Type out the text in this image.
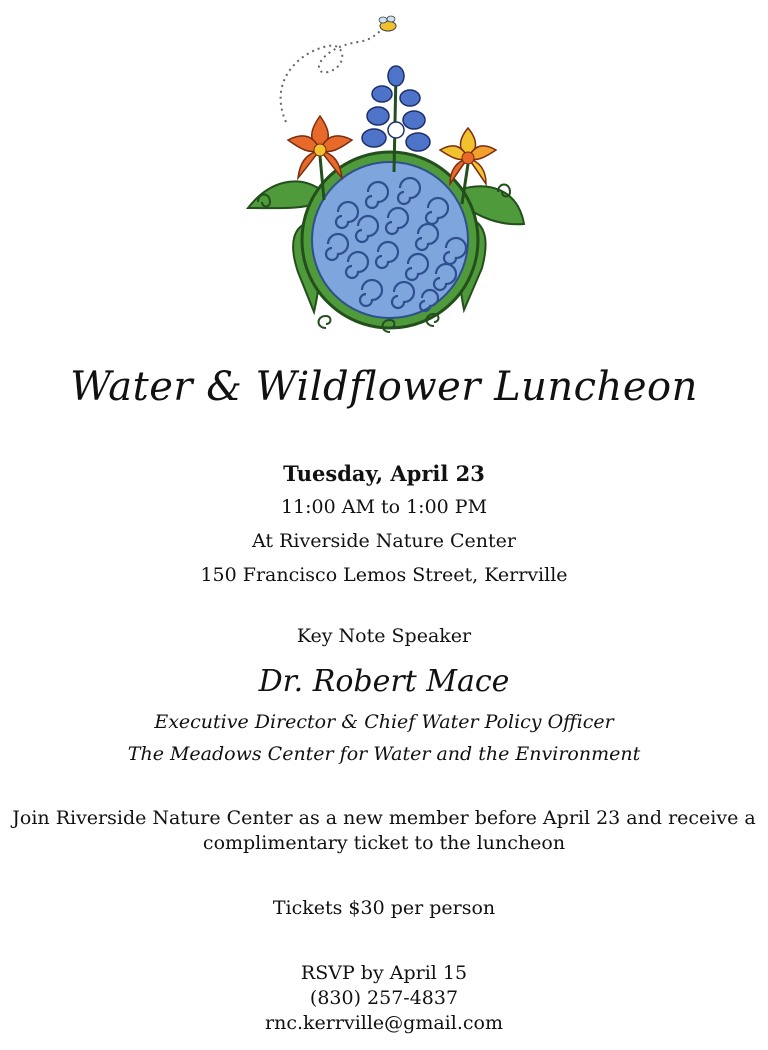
Water & Wildflower Luncheon
Tuesday, April 23
11:00 AM to 1:00 PM
At Riverside Nature Center
150 Francisco Lemos Street, Kerrville
Key Note Speaker
Dr. Robert Mace
Executive Director & Chief Water Policy Officer
The Meadows Center for Water and the Environment
Join Riverside Nature Center as a new member before April 23 and receive a complimentary ticket to the luncheon
Tickets $30 per person
RSVP by April 15
(830) 257-4837
rnc.kerrville@gmail.com
